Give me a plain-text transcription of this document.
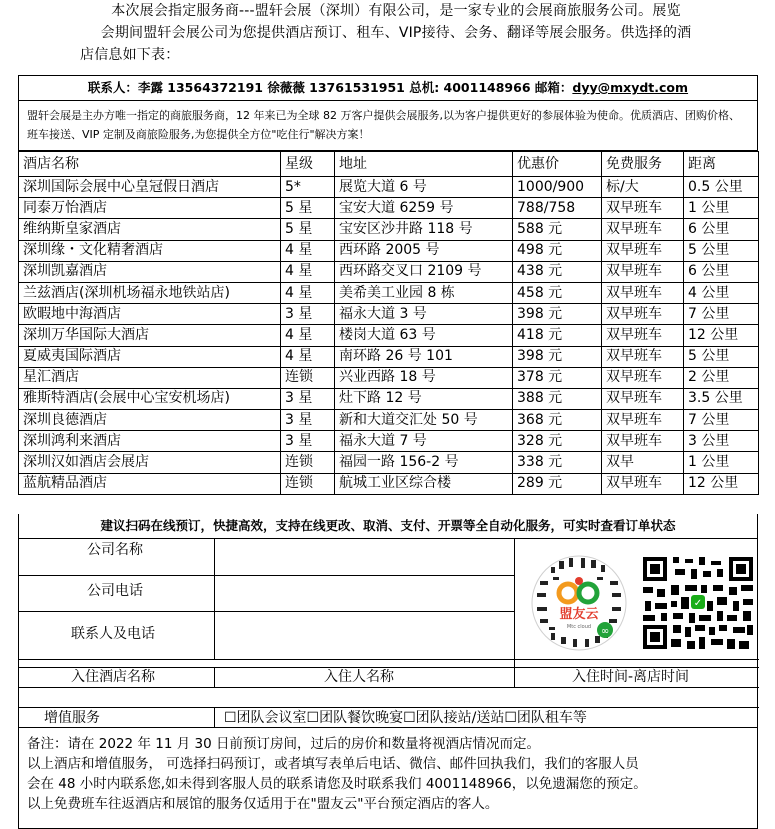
本次展会指定服务商---盟轩会展（深圳）有限公司，是一家专业的会展商旅服务公司。展览
会期间盟轩会展公司为您提供酒店预订、租车、VIP接待、会务、翻译等展会服务。供选择的酒
店信息如下表：
联系人：李露 13564372191 徐薇薇 13761531951 总机: 4001148966 邮箱：dyy@mxydt.com
盟轩会展是主办方唯一指定的商旅服务商，12 年来已为全球 82 万客户提供会展服务,以为客户提供更好的参展体验为使命。优质酒店、团购价格、班车接送、VIP 定制及商旅险服务,为您提供全方位"吃住行"解决方案！
酒店名称	星级	地址	优惠价	免费服务	距离
深圳国际会展中心皇冠假日酒店	5*	展览大道 6 号	1000/900	标/大	0.5 公里
同泰万怡酒店	5 星	宝安大道 6259 号	788/758	双早班车	1 公里
维纳斯皇家酒店	5 星	宝安区沙井路 118 号	588 元	双早班车	6 公里
深圳缘・文化精奢酒店	4 星	西环路 2005 号	498 元	双早班车	5 公里
深圳凯嘉酒店	4 星	西环路交叉口 2109 号	438 元	双早班车	6 公里
兰兹酒店(深圳机场福永地铁站店)	4 星	美希美工业园 8 栋	458 元	双早班车	4 公里
欧暇地中海酒店	3 星	福永大道 3 号	398 元	双早班车	7 公里
深圳万华国际大酒店	4 星	楼岗大道 63 号	418 元	双早班车	12 公里
夏威夷国际酒店	4 星	南环路 26 号 101	398 元	双早班车	5 公里
星汇酒店	连锁	兴业西路 18 号	378 元	双早班车	2 公里
雅斯特酒店(会展中心宝安机场店)	3 星	灶下路 12 号	388 元	双早班车	3.5 公里
深圳良德酒店	3 星	新和大道交汇处 50 号	368 元	双早班车	7 公里
深圳鸿利来酒店	3 星	福永大道 7 号	328 元	双早班车	3 公里
深圳汉如酒店会展店	连锁	福园一路 156-2 号	338 元	双早	1 公里
蓝航精品酒店	连锁	航城工业区综合楼	289 元	双早班车	12 公里
建议扫码在线预订，快捷高效，支持在线更改、取消、支付、开票等全自动化服务，可实时查看订单状态
公司名称
公司电话
联系人及电话
入住酒店名称	入住人名称	入住时间-离店时间
增值服务	☐团队会议室☐团队餐饮晚宴☐团队接站/送站☐团队租车等
盟友云
Mtc cloud ∞
✓
备注：请在 2022 年 11 月 30 日前预订房间，过后的房价和数量将视酒店情况而定。
以上酒店和增值服务， 可选择扫码预订，或者填写表单后电话、微信、邮件回执我们，我们的客服人员
会在 48 小时内联系您,如未得到客服人员的联系请您及时联系我们 4001148966，以免遗漏您的预定。
以上免费班车往返酒店和展馆的服务仅适用于在"盟友云"平台预定酒店的客人。
